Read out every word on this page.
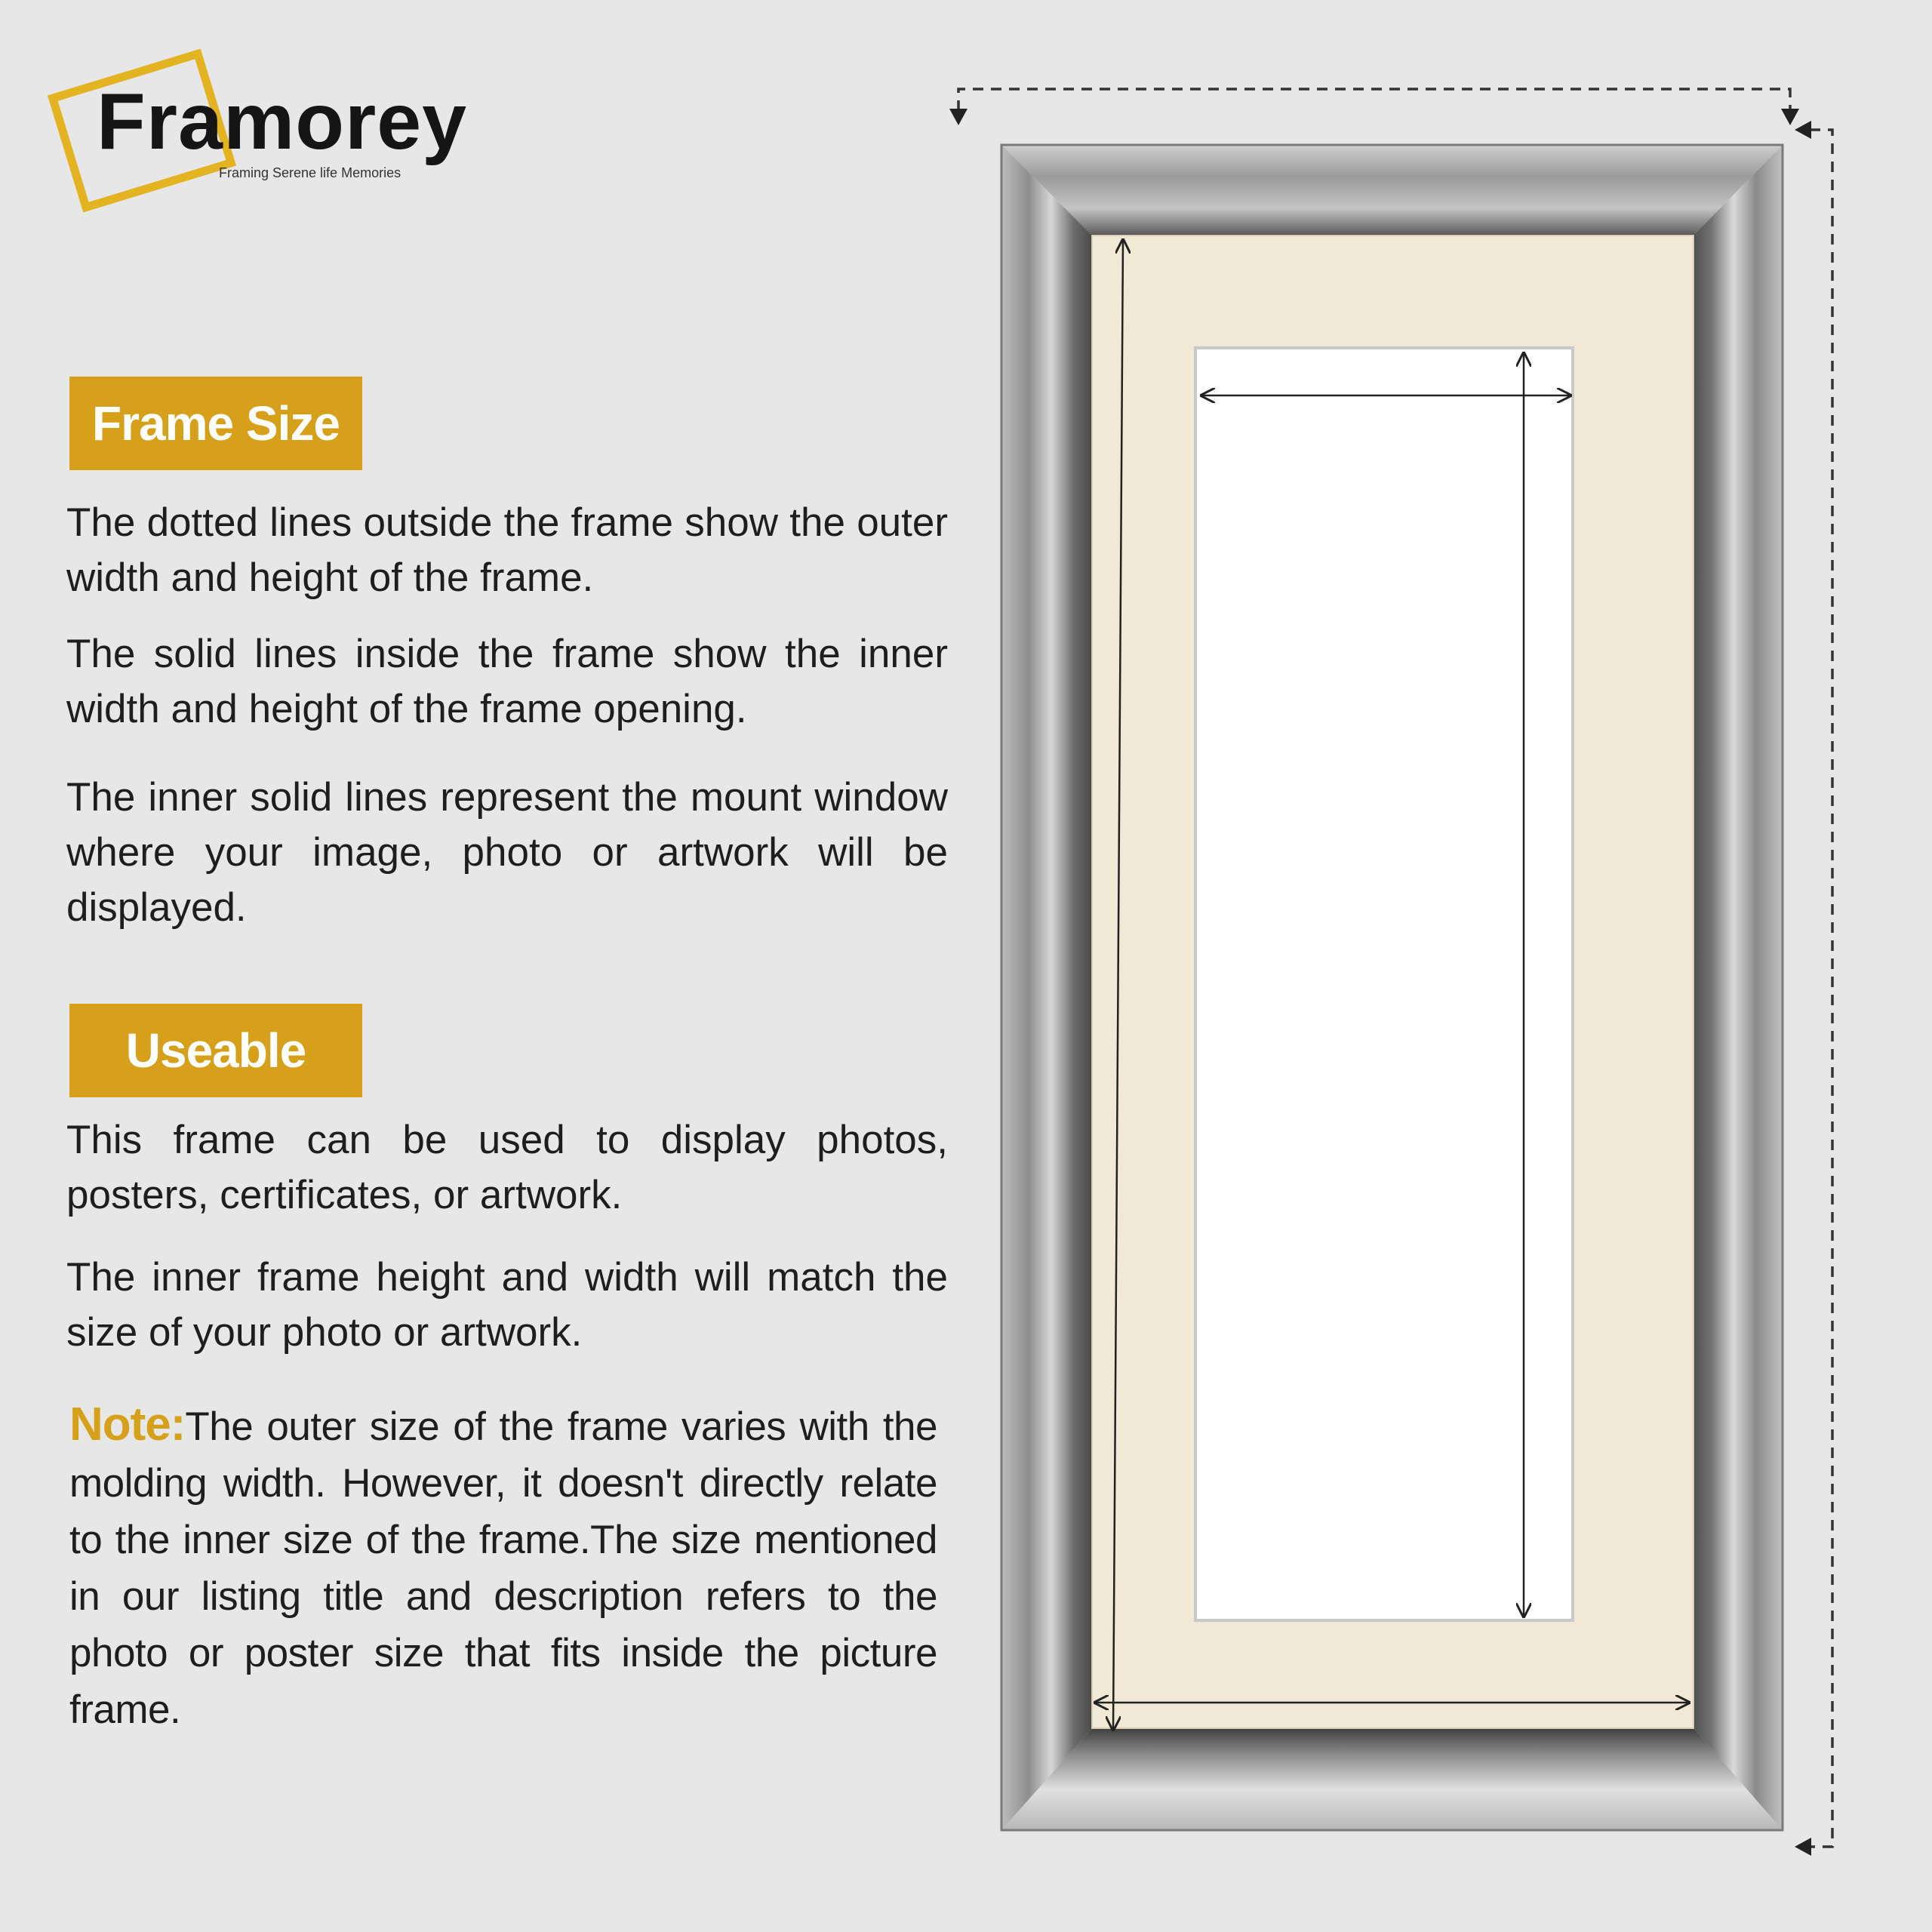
Framorey
Framing Serene life Memories
Frame Size
The dotted lines outside the frame show the outer width and height of the frame.
The solid lines inside the frame show the inner width and height of the frame opening.
The inner solid lines represent the mount window where your image, photo or artwork will be displayed.
Useable
This frame can be used to display photos, posters, certificates, or artwork.
The inner frame height and width will match the size of your photo or artwork.
Note:The outer size of the frame varies with the molding width. However, it doesn't directly relate to the inner size of the frame.The size mentioned in our listing title and description refers to the photo or poster size that fits inside the picture frame.
